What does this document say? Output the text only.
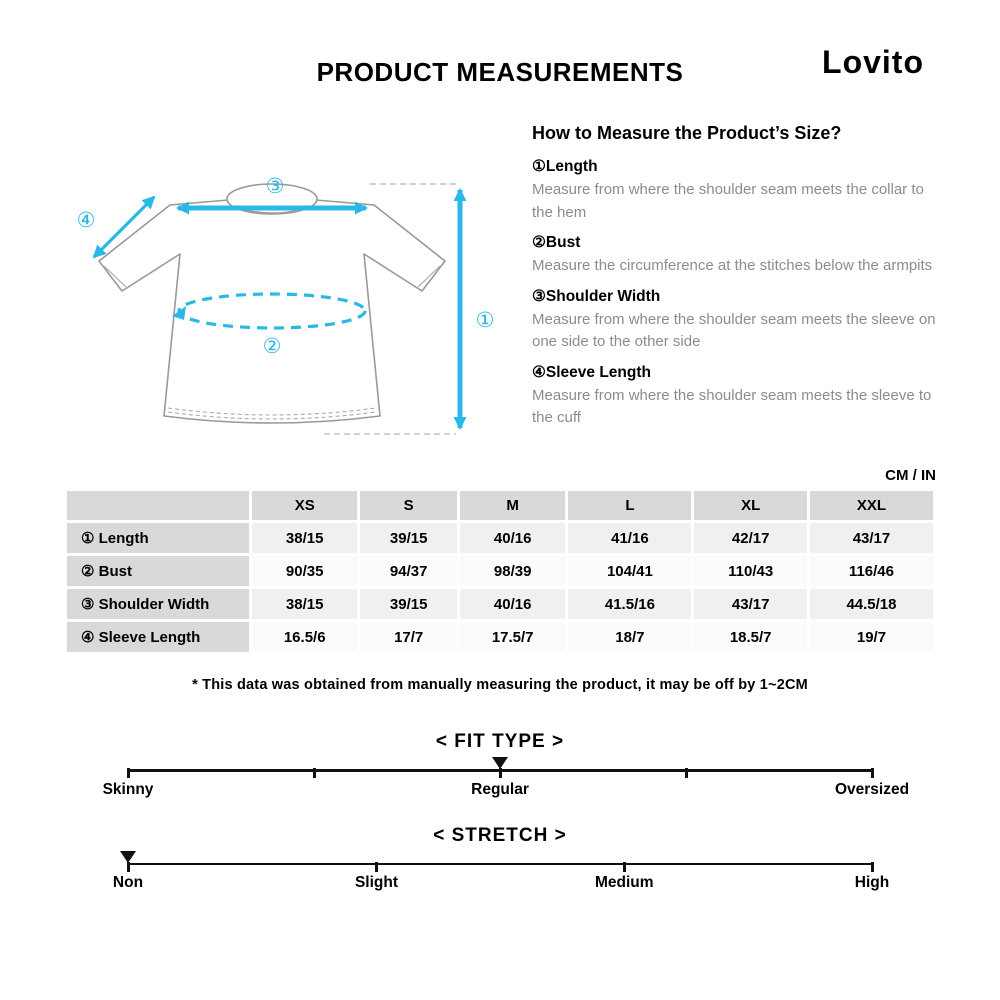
PRODUCT MEASUREMENTS	Lovito
③
④
②
①
How to Measure the Product’s Size?
①Length
Measure from where the shoulder seam meets the collar to the hem
②Bust
Measure the circumference at the stitches below the armpits
③Shoulder Width
Measure from where the shoulder seam meets the sleeve on one side to the other side
④Sleeve Length
Measure from where the shoulder seam meets the sleeve to the cuff
CM / IN
	XS	S	M	L	XL	XXL
① Length	38/15	39/15	40/16	41/16	42/17	43/17
② Bust	90/35	94/37	98/39	104/41	110/43	116/46
③ Shoulder Width	38/15	39/15	40/16	41.5/16	43/17	44.5/18
④ Sleeve Length	16.5/6	17/7	17.5/7	18/7	18.5/7	19/7
* This data was obtained from manually measuring the product, it may be off by 1~2CM
< FIT TYPE >
Skinny	Regular	Oversized
< STRETCH >
Non	Slight	Medium	High
